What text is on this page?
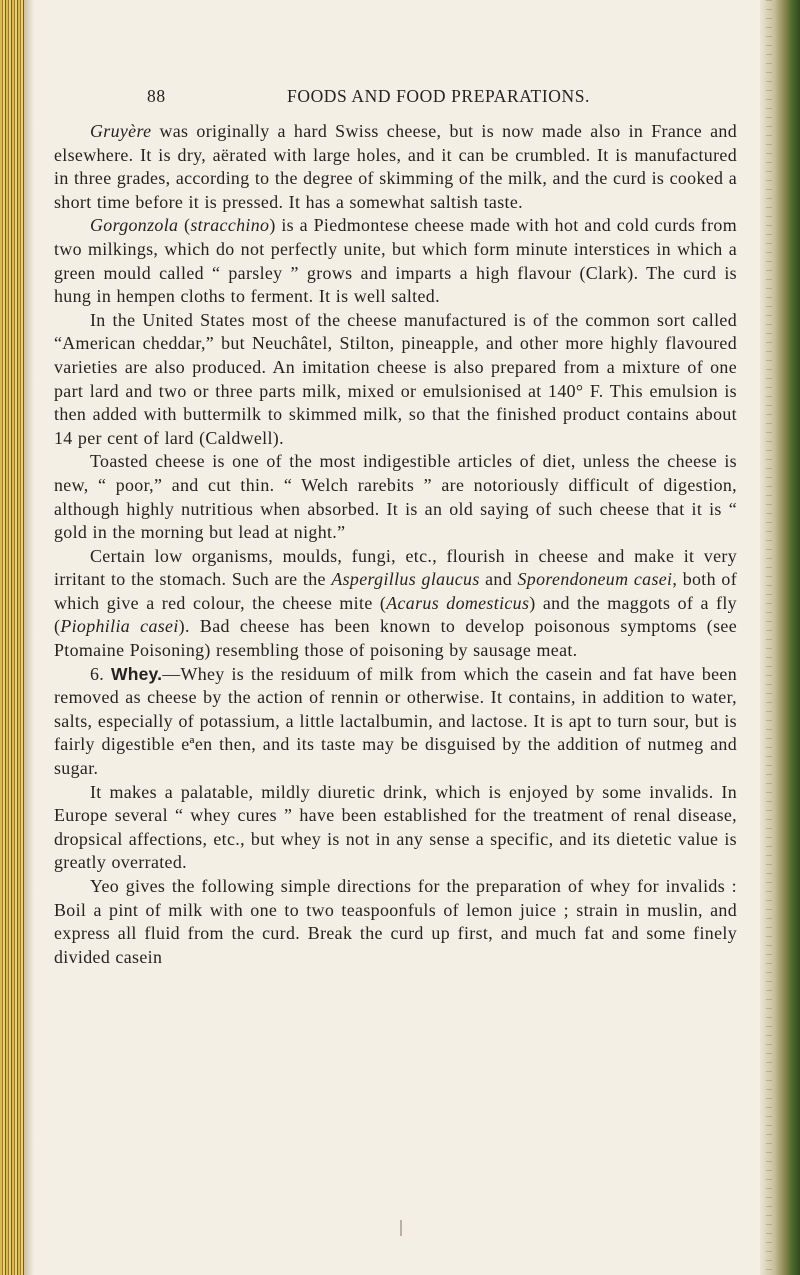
88	FOODS AND FOOD PREPARATIONS.

Gruyère was originally a hard Swiss cheese, but is now made also in France and elsewhere. It is dry, aërated with large holes, and it can be crumbled. It is manufactured in three grades, according to the degree of skimming of the milk, and the curd is cooked a short time before it is pressed. It has a somewhat saltish taste.

Gorgonzola (stracchino) is a Piedmontese cheese made with hot and cold curds from two milkings, which do not perfectly unite, but which form minute interstices in which a green mould called “ parsley ” grows and imparts a high flavour (Clark). The curd is hung in hempen cloths to ferment. It is well salted.

In the United States most of the cheese manufactured is of the common sort called “American cheddar,” but Neuchâtel, Stilton, pineapple, and other more highly flavoured varieties are also produced. An imitation cheese is also prepared from a mixture of one part lard and two or three parts milk, mixed or emulsionised at 140° F. This emulsion is then added with buttermilk to skimmed milk, so that the finished product contains about 14 per cent of lard (Caldwell).

Toasted cheese is one of the most indigestible articles of diet, unless the cheese is new, “ poor,” and cut thin. “ Welch rarebits ” are notoriously difficult of digestion, although highly nutritious when absorbed. It is an old saying of such cheese that it is “ gold in the morning but lead at night.”

Certain low organisms, moulds, fungi, etc., flourish in cheese and make it very irritant to the stomach. Such are the Aspergillus glaucus and Sporendoneum casei, both of which give a red colour, the cheese mite (Acarus domesticus) and the maggots of a fly (Piophilia casei). Bad cheese has been known to develop poisonous symptoms (see Ptomaine Poisoning) resembling those of poisoning by sausage meat.

6. Whey.—Whey is the residuum of milk from which the casein and fat have been removed as cheese by the action of rennin or otherwise. It contains, in addition to water, salts, especially of potassium, a little lactalbumin, and lactose. It is apt to turn sour, but is fairly digestible eªen then, and its taste may be disguised by the addition of nutmeg and sugar.

It makes a palatable, mildly diuretic drink, which is enjoyed by some invalids. In Europe several “ whey cures ” have been established for the treatment of renal disease, dropsical affections, etc., but whey is not in any sense a specific, and its dietetic value is greatly overrated.

Yeo gives the following simple directions for the preparation of whey for invalids : Boil a pint of milk with one to two teaspoonfuls of lemon juice ; strain in muslin, and express all fluid from the curd. Break the curd up first, and much fat and some finely divided casein
